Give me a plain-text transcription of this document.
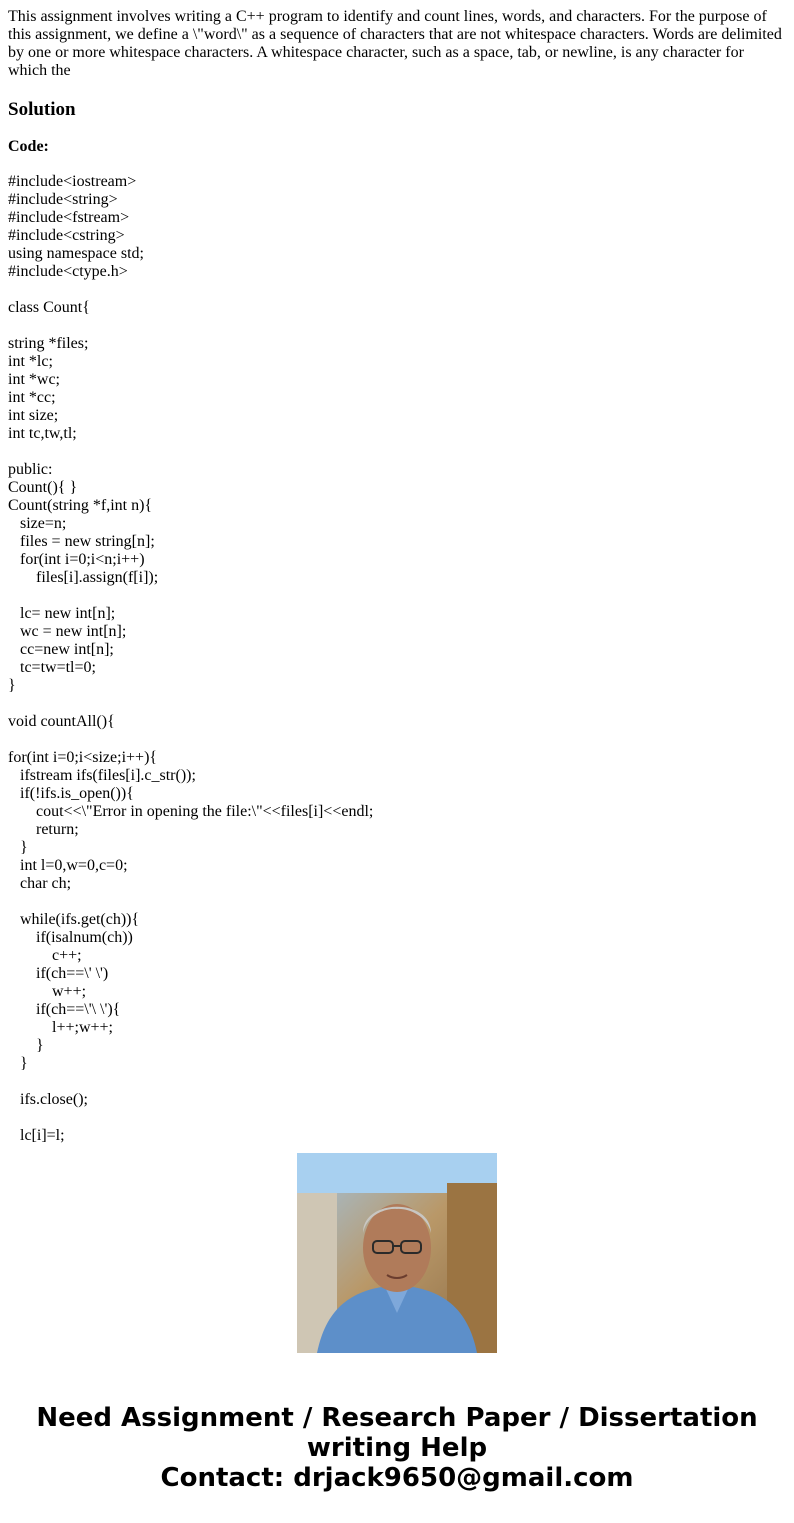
This assignment involves writing a C++ program to identify and count lines, words, and characters. For the purpose of this assignment, we define a \"word\" as a sequence of characters that are not whitespace characters. Words are delimited by one or more whitespace characters. A whitespace character, such as a space, tab, or newline, is any character for which the

Solution

Code:

#include<iostream>
#include<string>
#include<fstream>
#include<cstring>
using namespace std;
#include<ctype.h>
class Count{
string *files;
int *lc;
int *wc;
int *cc;
int size;
int tc,tw,tl;
public:
Count(){ }
Count(string *f,int n){
size=n;
files = new string[n];
for(int i=0;i<n;i++)
files[i].assign(f[i]);
lc= new int[n];
wc = new int[n];
cc=new int[n];
tc=tw=tl=0;
}
void countAll(){
for(int i=0;i<size;i++){
ifstream ifs(files[i].c_str());
if(!ifs.is_open()){
cout<<\"Error in opening the file:\"<<files[i]<<endl;
return;
}
int l=0,w=0,c=0;
char ch;
while(ifs.get(ch)){
if(isalnum(ch))
c++;
if(ch==\' \')
w++;
if(ch==\'\ \'){
l++;w++;
}
}
ifs.close();
lc[i]=l;
Need Assignment / Research Paper / Dissertation
writing Help
Contact: drjack9650@gmail.com
